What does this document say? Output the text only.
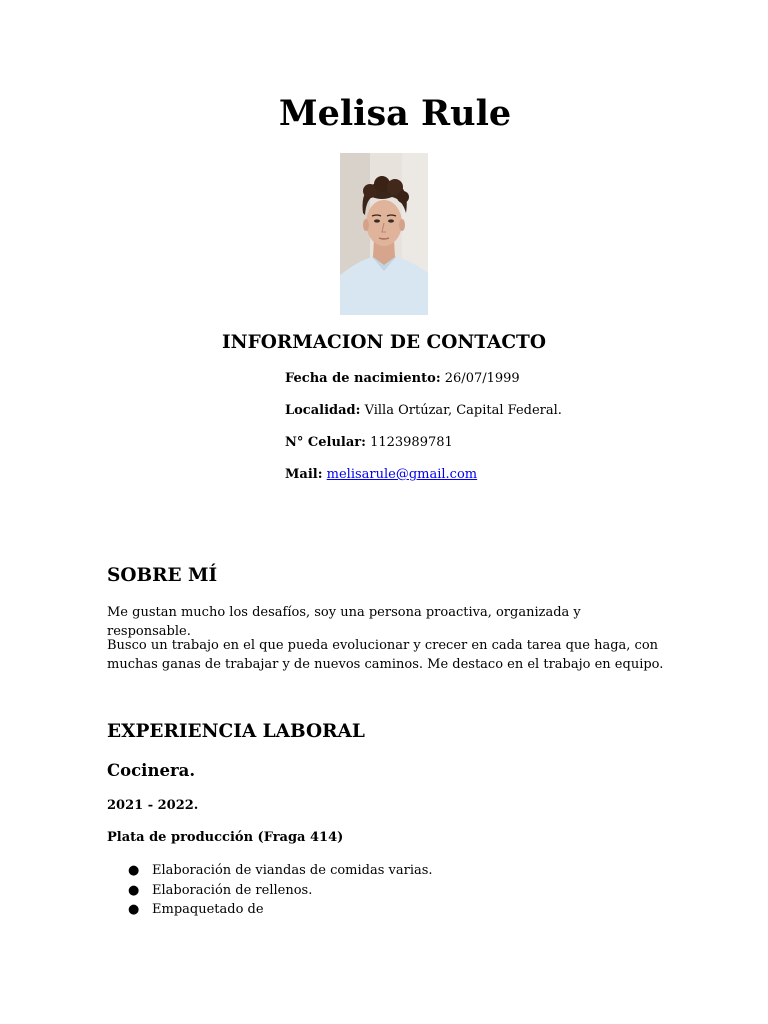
Melisa Rule
INFORMACION DE CONTACTO
Fecha de nacimiento: 26/07/1999
Localidad: Villa Ortúzar, Capital Federal.
N° Celular: 1123989781
Mail: melisarule@gmail.com
SOBRE MÍ

Me gustan mucho los desafíos, soy una persona proactiva, organizada y responsable.

Busco un trabajo en el que pueda evolucionar y crecer en cada tarea que haga, con muchas ganas de trabajar y de nuevos caminos. Me destaco en el trabajo en equipo.

EXPERIENCIA LABORAL
Cocinera.

2021 - 2022.

Plata de producción (Fraga 414)

● Elaboración de viandas de comidas varias.
● Elaboración de rellenos.
● Empaquetado de
